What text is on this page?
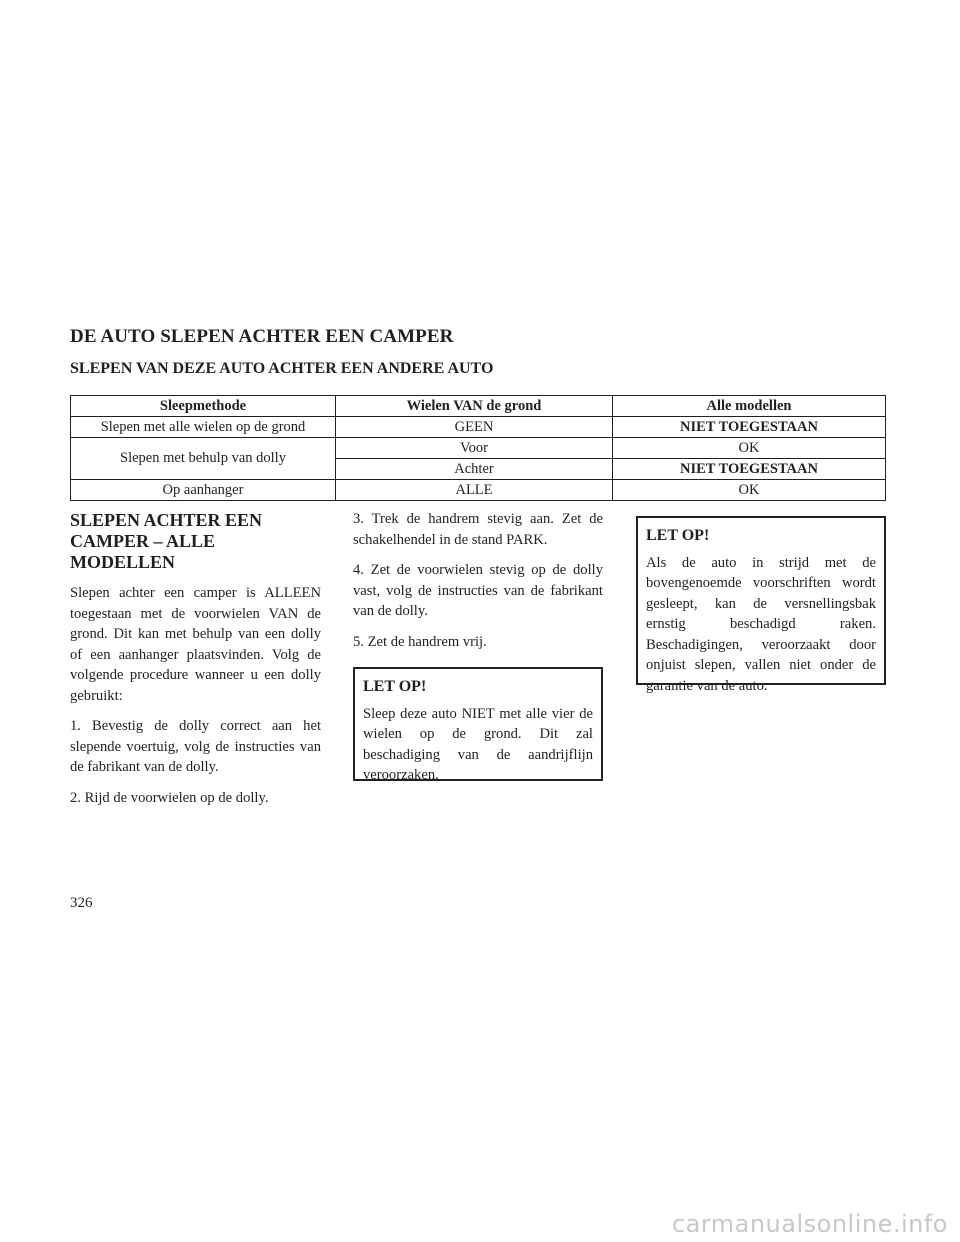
DE AUTO SLEPEN ACHTER EEN CAMPER
SLEPEN VAN DEZE AUTO ACHTER EEN ANDERE AUTO
Sleepmethode	Wielen VAN de grond	Alle modellen
Slepen met alle wielen op de grond	GEEN	NIET TOEGESTAAN
Slepen met behulp van dolly	Voor	OK
	Achter	NIET TOEGESTAAN
Op aanhanger	ALLE	OK
SLEPEN ACHTER EEN CAMPER – ALLE MODELLEN

Slepen achter een camper is ALLEEN toegestaan met de voorwielen VAN de grond. Dit kan met behulp van een dolly of een aanhanger plaatsvinden. Volg de volgende procedure wanneer u een dolly gebruikt:

1. Bevestig de dolly correct aan het slepende voertuig, volg de instructies van de fabrikant van de dolly.

2. Rijd de voorwielen op de dolly.

3. Trek de handrem stevig aan. Zet de schakelhendel in de stand PARK.

4. Zet de voorwielen stevig op de dolly vast, volg de instructies van de fabrikant van de dolly.

5. Zet de handrem vrij.

LET OP!

Sleep deze auto NIET met alle vier de wielen op de grond. Dit zal beschadiging van de aandrijflijn veroorzaken.

LET OP!

Als de auto in strijd met de bovengenoemde voorschriften wordt gesleept, kan de versnellingsbak ernstig beschadigd raken. Beschadigingen, veroorzaakt door onjuist slepen, vallen niet onder de garantie van de auto.

326
carmanualsonline.info
